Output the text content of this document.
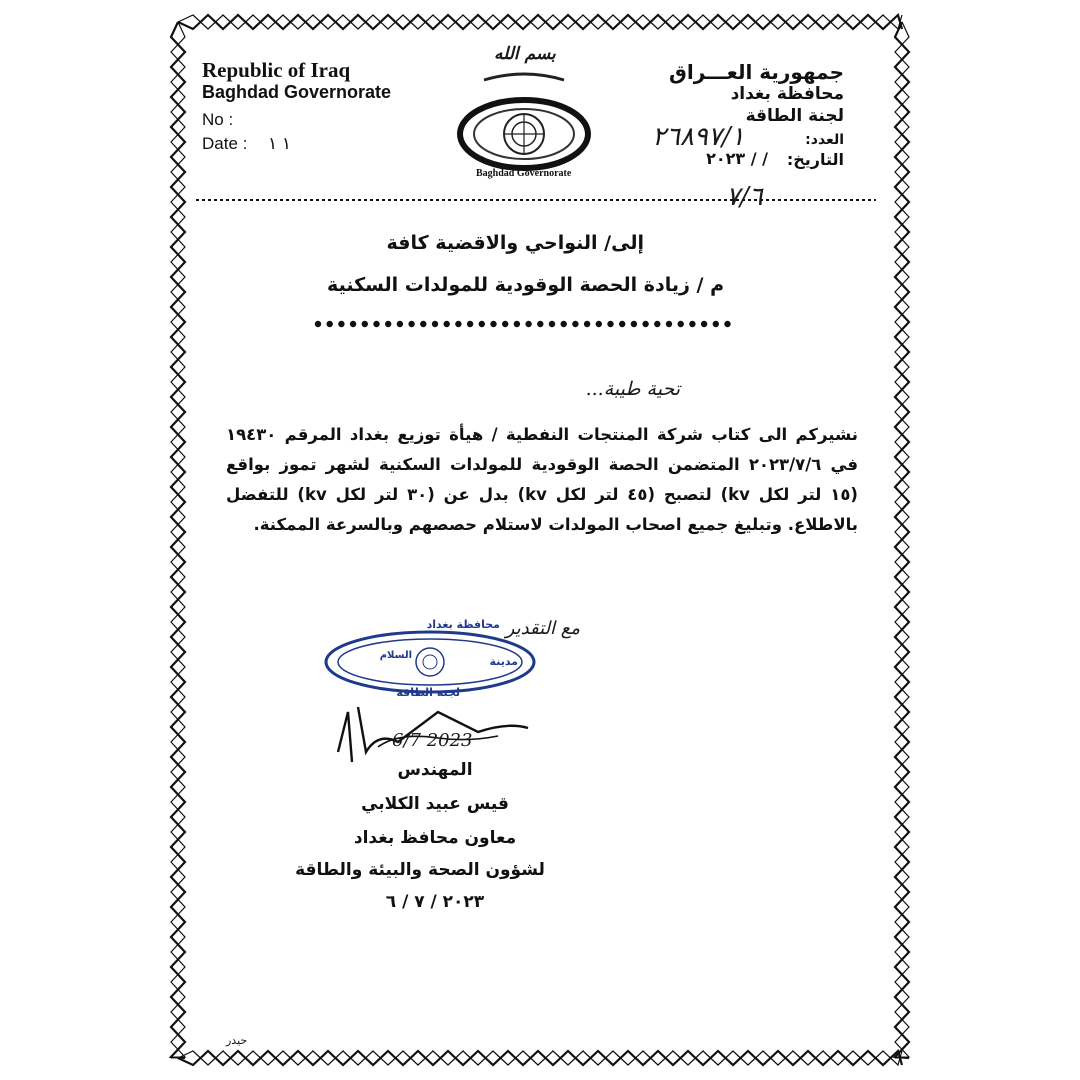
Republic of Iraq
Baghdad Governorate
No :
Date : ١ ١
بسم الله
Baghdad Governorate
جمهورية العـــراق
محافظة بغداد
لجنة الطاقة
العدد:
التاريخ:
/ / ٢٠٢٣
٢٦٨٩٧/١
٧/٦
إلى/ النواحي والاقضية كافة
م / زيادة الحصة الوقودية للمولدات السكنية
تحية طيبة...
نشيركم الى كتاب شركة المنتجات النفطية / هيأة توزيع بغداد المرقم ١٩٤٣٠ في ٢٠٢٣/٧/٦ المتضمن الحصة الوقودية للمولدات السكنية لشهر تموز بواقع (١٥ لتر لكل kv) لتصبح (٤٥ لتر لكل kv) بدل عن (٣٠ لتر لكل kv) للتفضل بالاطلاع. وتبليغ جميع اصحاب المولدات لاستلام حصصهم وبالسرعة الممكنة.
مع التقدير
محافظة بغداد
مدينة
السلام
لجنة الطاقة
6/7 2023
المهندس
قيس عبيد الكلابي
معاون محافظ بغداد
لشؤون الصحة والبيئة والطاقة
٢٠٢٣ / ٧ / ٦
حيدر
